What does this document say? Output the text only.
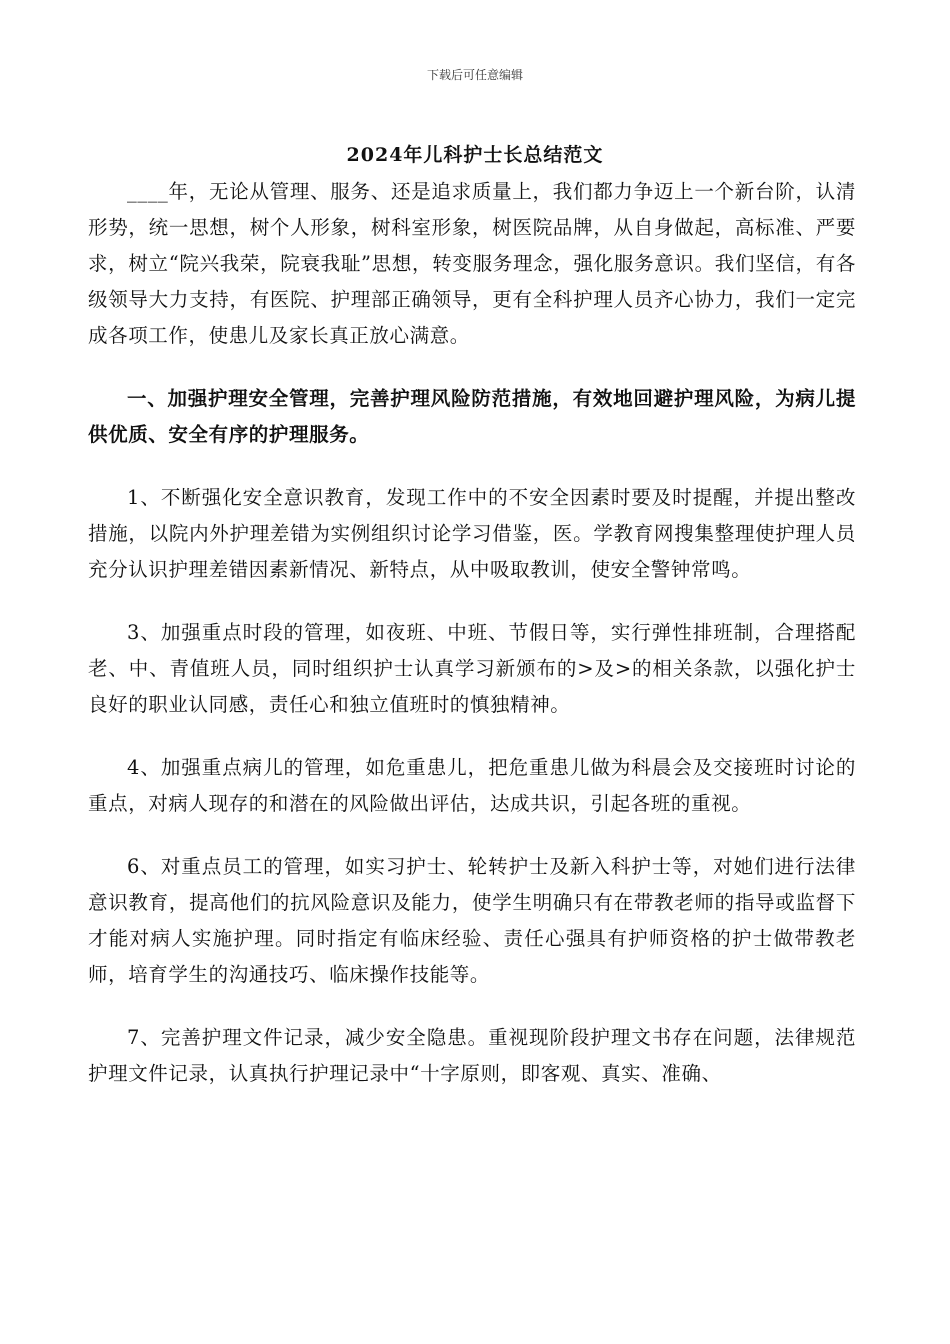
下载后可任意编辑
2024年儿科护士长总结范文

____年，无论从管理、服务、还是追求质量上，我们都力争迈上一个新台阶，认清形势，统一思想，树个人形象，树科室形象，树医院品牌，从自身做起，高标准、严要求，树立“院兴我荣，院衰我耻”思想，转变服务理念，强化服务意识。我们坚信，有各级领导大力支持，有医院、护理部正确领导，更有全科护理人员齐心协力，我们一定完成各项工作，使患儿及家长真正放心满意。

一、加强护理安全管理，完善护理风险防范措施，有效地回避护理风险，为病儿提供优质、安全有序的护理服务。

1、不断强化安全意识教育，发现工作中的不安全因素时要及时提醒，并提出整改措施，以院内外护理差错为实例组织讨论学习借鉴，医。学教育网搜集整理使护理人员充分认识护理差错因素新情况、新特点，从中吸取教训，使安全警钟常鸣。

3、加强重点时段的管理，如夜班、中班、节假日等，实行弹性排班制，合理搭配老、中、青值班人员，同时组织护士认真学习新颁布的>及>的相关条款，以强化护士良好的职业认同感，责任心和独立值班时的慎独精神。

4、加强重点病儿的管理，如危重患儿，把危重患儿做为科晨会及交接班时讨论的重点，对病人现存的和潜在的风险做出评估，达成共识，引起各班的重视。

6、对重点员工的管理，如实习护士、轮转护士及新入科护士等，对她们进行法律意识教育，提高他们的抗风险意识及能力，使学生明确只有在带教老师的指导或监督下才能对病人实施护理。同时指定有临床经验、责任心强具有护师资格的护士做带教老师，培育学生的沟通技巧、临床操作技能等。

7、完善护理文件记录，减少安全隐患。重视现阶段护理文书存在问题，法律规范护理文件记录，认真执行护理记录中“十字原则，即客观、真实、准确、
